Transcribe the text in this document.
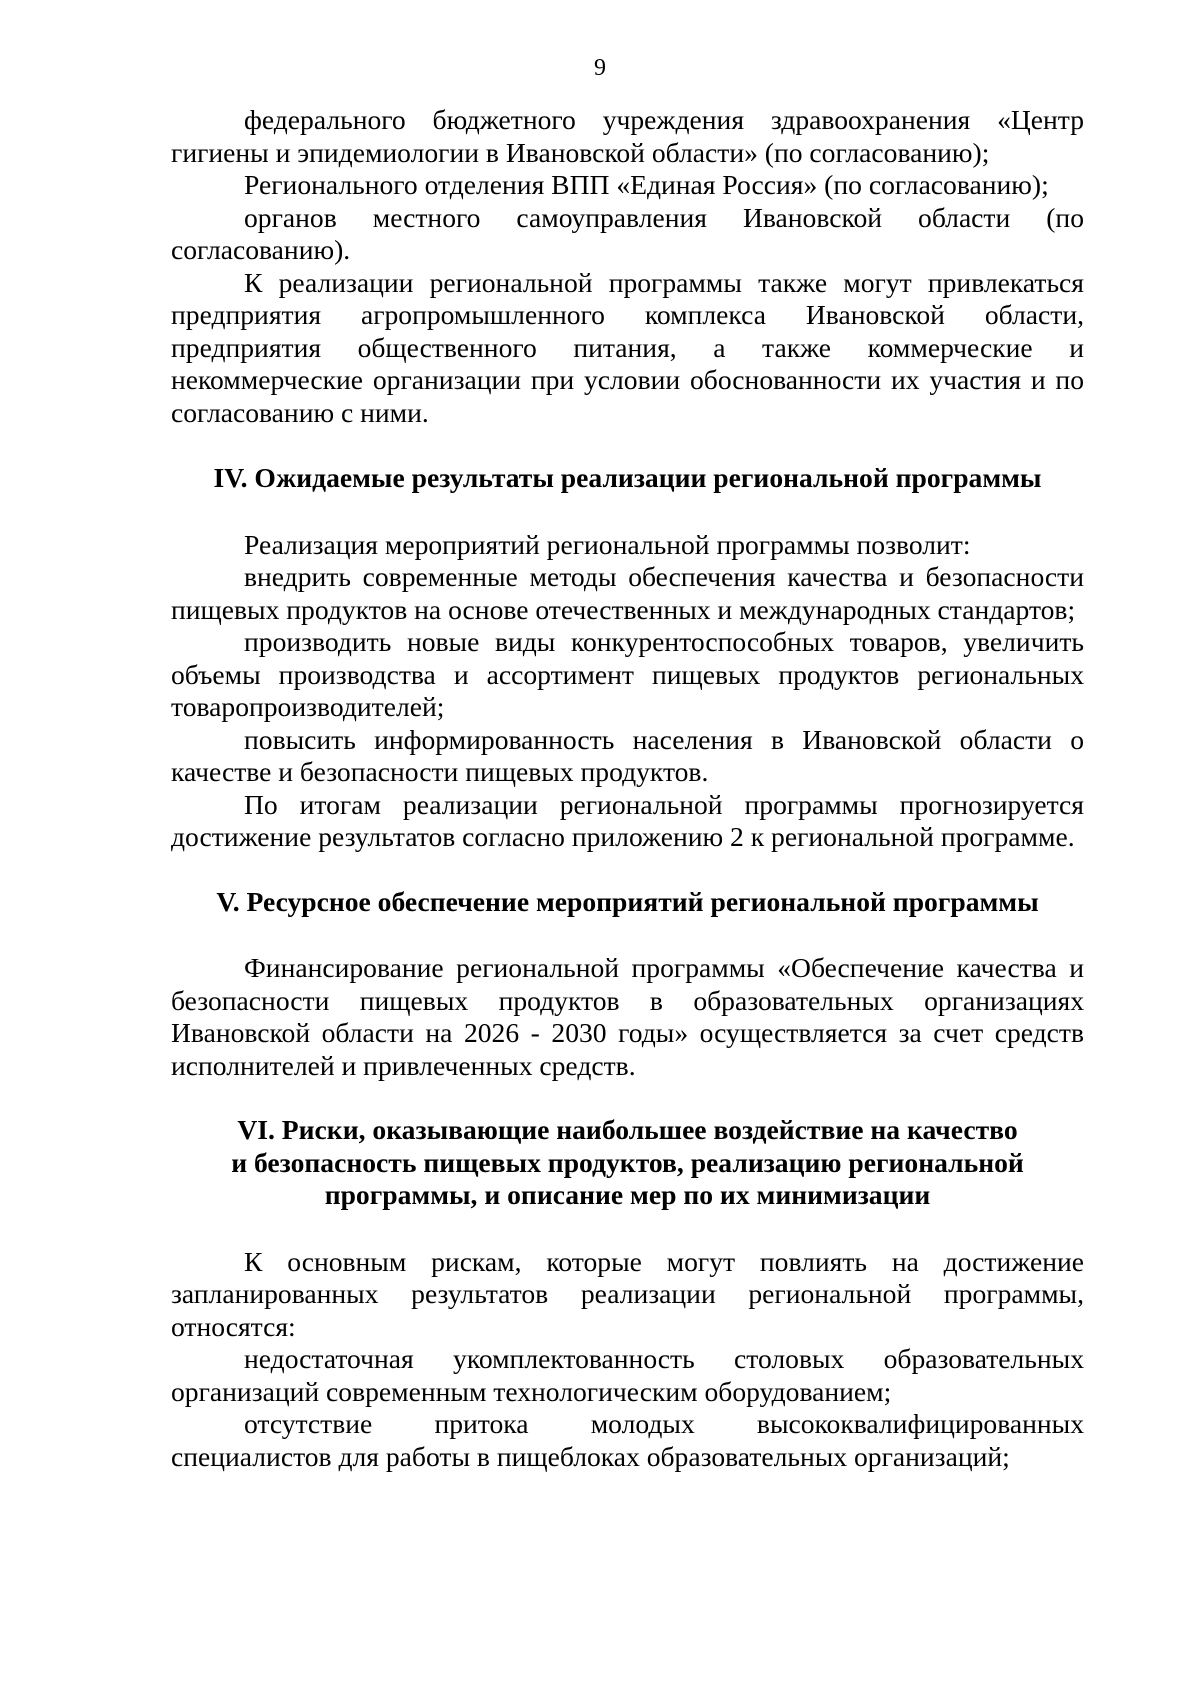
9

федерального бюджетного учреждения здравоохранения «Центр гигиены и эпидемиологии в Ивановской области» (по согласованию);

Регионального отделения ВПП «Единая Россия» (по согласованию);

органов местного самоуправления Ивановской области (по согласованию).

К реализации региональной программы также могут привлекаться предприятия агропромышленного комплекса Ивановской области, предприятия общественного питания, а также коммерческие и некоммерческие организации при условии обоснованности их участия и по согласованию с ними.

IV. Ожидаемые результаты реализации региональной программы

Реализация мероприятий региональной программы позволит:

внедрить современные методы обеспечения качества и безопасности пищевых продуктов на основе отечественных и международных стандартов;

производить новые виды конкурентоспособных товаров, увеличить объемы производства и ассортимент пищевых продуктов региональных товаропроизводителей;

повысить информированность населения в Ивановской области о качестве и безопасности пищевых продуктов.

По итогам реализации региональной программы прогнозируется достижение результатов согласно приложению 2 к региональной программе.

V. Ресурсное обеспечение мероприятий региональной программы

Финансирование региональной программы «Обеспечение качества и безопасности пищевых продуктов в образовательных организациях Ивановской области на 2026 - 2030 годы» осуществляется за счет средств исполнителей и привлеченных средств.

VI. Риски, оказывающие наибольшее воздействие на качество
и безопасность пищевых продуктов, реализацию региональной
программы, и описание мер по их минимизации

К основным рискам, которые могут повлиять на достижение запланированных результатов реализации региональной программы, относятся:

недостаточная укомплектованность столовых образовательных организаций современным технологическим оборудованием;

отсутствие притока молодых высококвалифицированных специалистов для работы в пищеблоках образовательных организаций;
